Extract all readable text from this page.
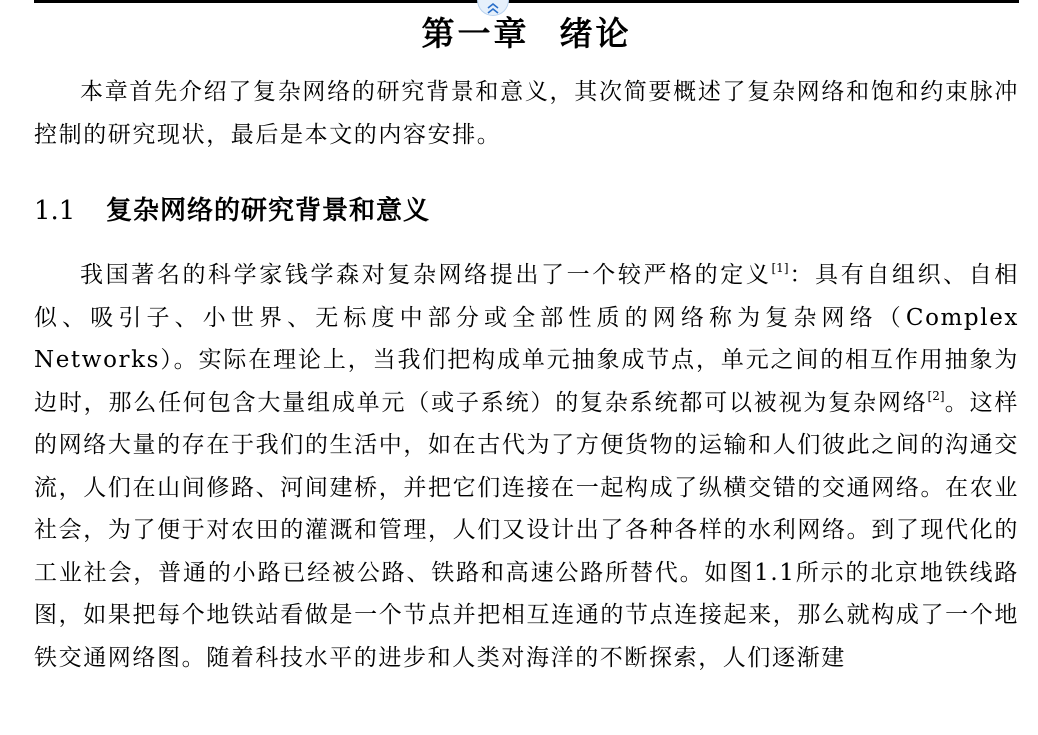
第一章 绪论

本章首先介绍了复杂网络的研究背景和意义，其次简要概述了复杂网络和饱和约束脉冲控制的研究现状，最后是本文的内容安排。

1.1	复杂网络的研究背景和意义

我国著名的科学家钱学森对复杂网络提出了一个较严格的定义[1]：具有自组织、自相似、吸引子、小世界、无标度中部分或全部性质的网络称为复杂网络（Complex Networks）。实际在理论上，当我们把构成单元抽象成节点，单元之间的相互作用抽象为边时，那么任何包含大量组成单元（或子系统）的复杂系统都可以被视为复杂网络[2]。这样的网络大量的存在于我们的生活中，如在古代为了方便货物的运输和人们彼此之间的沟通交流，人们在山间修路、河间建桥，并把它们连接在一起构成了纵横交错的交通网络。在农业社会，为了便于对农田的灌溉和管理，人们又设计出了各种各样的水利网络。到了现代化的工业社会，普通的小路已经被公路、铁路和高速公路所替代。如图1.1所示的北京地铁线路图，如果把每个地铁站看做是一个节点并把相互连通的节点连接起来，那么就构成了一个地铁交通网络图。随着科技水平的进步和人类对海洋的不断探索，人们逐渐建
